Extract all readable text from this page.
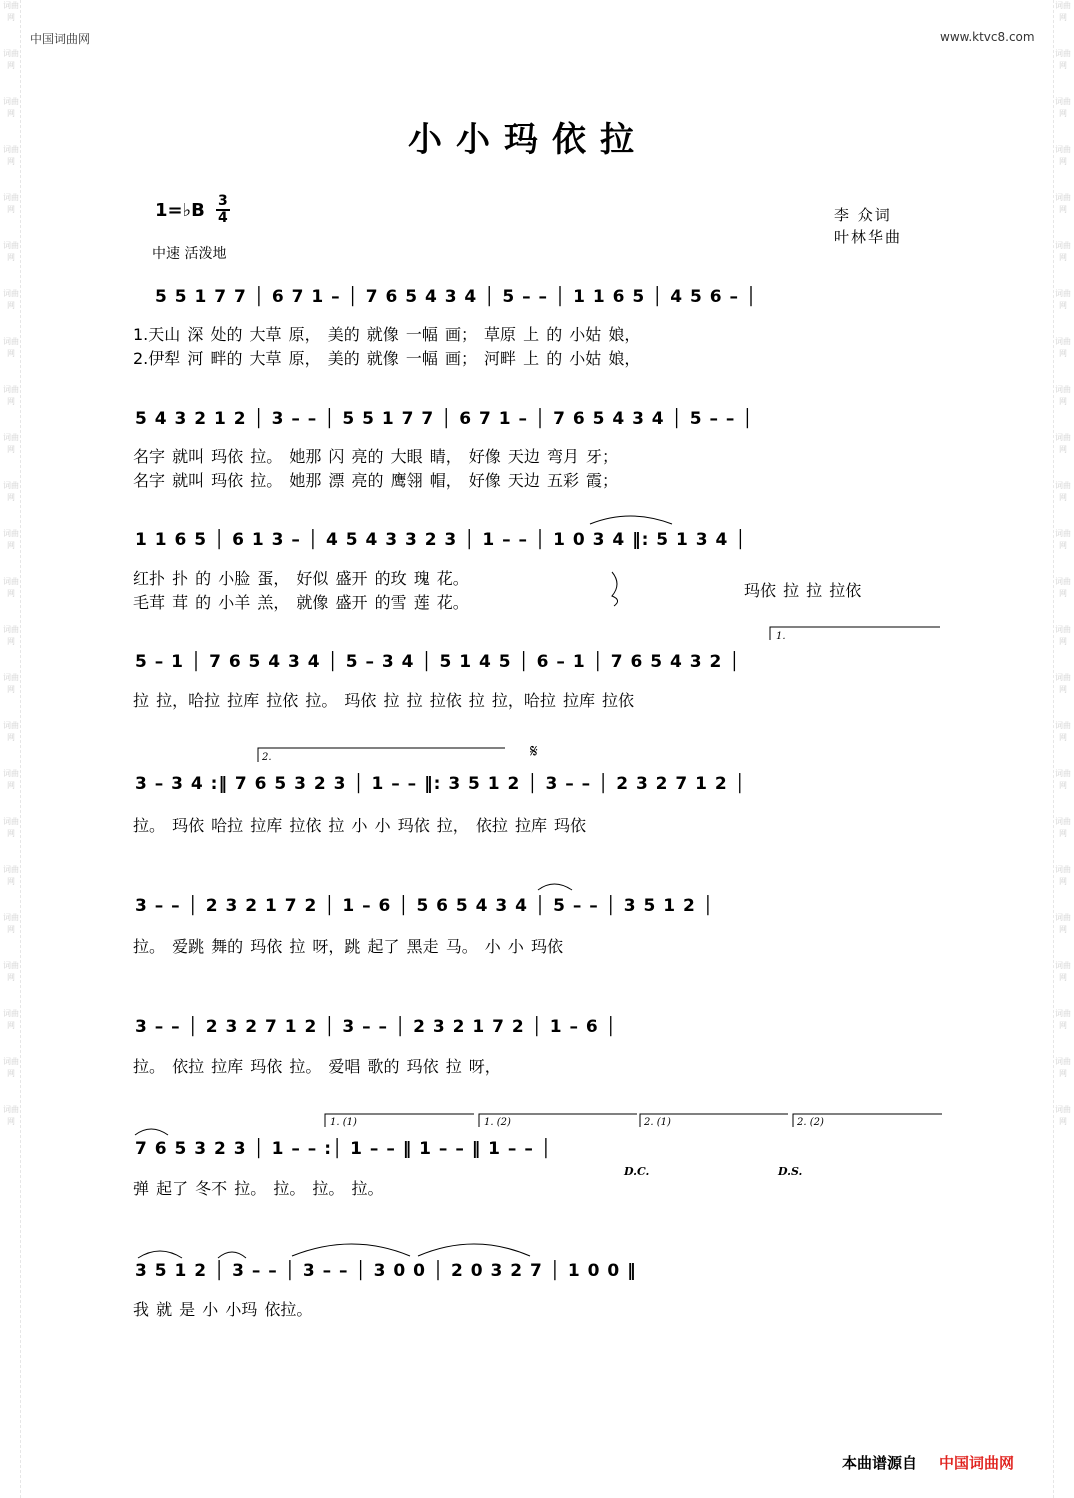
词曲网
词曲网
词曲网
词曲网
词曲网
词曲网
词曲网
词曲网
词曲网
词曲网
词曲网
词曲网
词曲网
词曲网
词曲网
词曲网
词曲网
词曲网
词曲网
词曲网
词曲网
词曲网
词曲网
词曲网
词曲网
词曲网
词曲网
词曲网
词曲网
词曲网
词曲网
词曲网
词曲网
词曲网
词曲网
词曲网
词曲网
词曲网
词曲网
词曲网
词曲网
词曲网
词曲网
词曲网
词曲网
词曲网
词曲网
词曲网
中国词曲网	www.ktvc8.com
小小玛依拉
1=♭B 3
4
中速 活泼地
李 众词
叶林华曲
5 5 1 7 7 │ 6 7 1 – │ 7 6 5 4 3 4 │ 5 – – │ 1 1 6 5 │ 4 5 6 – │
1.天山 深 处的 大草 原， 美的 就像 一幅 画； 草原 上 的 小姑 娘，
2.伊犁 河 畔的 大草 原， 美的 就像 一幅 画； 河畔 上 的 小姑 娘，
5 4 3 2 1 2 │ 3 – – │ 5 5 1 7 7 │ 6 7 1 – │ 7 6 5 4 3 4 │ 5 – – │
名字 就叫 玛依 拉。 她那 闪 亮的 大眼 睛， 好像 天边 弯月 牙；
名字 就叫 玛依 拉。 她那 漂 亮的 鹰翎 帽， 好像 天边 五彩 霞；
1 1 6 5 │ 6 1 3 – │ 4 5 4 3 3 2 3 │ 1 – – │ 1 0 3 4 ‖: 5 1 3 4 │
红扑 扑 的 小脸 蛋， 好似 盛开 的玫 瑰 花。
毛茸 茸 的 小羊 羔， 就像 盛开 的雪 莲 花。
玛依 拉 拉 拉依
1.
5 – 1 │ 7 6 5 4 3 4 │ 5 – 3 4 │ 5 1 4 5 │ 6 – 1 │ 7 6 5 4 3 2 │
拉 拉，哈拉 拉库 拉依 拉。 玛依 拉 拉 拉依 拉 拉，哈拉 拉库 拉依
2.	𝄋
3 – 3 4 :‖ 7 6 5 3 2 3 │ 1 – – ‖: 3 5 1 2 │ 3 – – │ 2 3 2 7 1 2 │
拉。 玛依 哈拉 拉库 拉依 拉 小 小 玛依 拉， 依拉 拉库 玛依
3 – – │ 2 3 2 1 7 2 │ 1 – 6 │ 5 6 5 4 3 4 │ 5 – – │ 3 5 1 2 │
拉。 爱跳 舞的 玛依 拉 呀，跳 起了 黑走 马。 小 小 玛依
3 – – │ 2 3 2 7 1 2 │ 3 – – │ 2 3 2 1 7 2 │ 1 – 6 │
拉。 依拉 拉库 玛依 拉。 爱唱 歌的 玛依 拉 呀，
1. (1)	1. (2)	2. (1)	2. (2)
7 6 5 3 2 3 │ 1 – – :│ 1 – – ‖ 1 – – ‖ 1 – – │
D.C.	D.S.
弹 起了 冬不 拉。 拉。 拉。 拉。
3 5 1 2 │ 3 – – │ 3 – – │ 3 0 0 │ 2 0 3 2 7 │ 1 0 0 ‖
我 就 是 小 小玛 依拉。
本曲谱源自 中国词曲网
